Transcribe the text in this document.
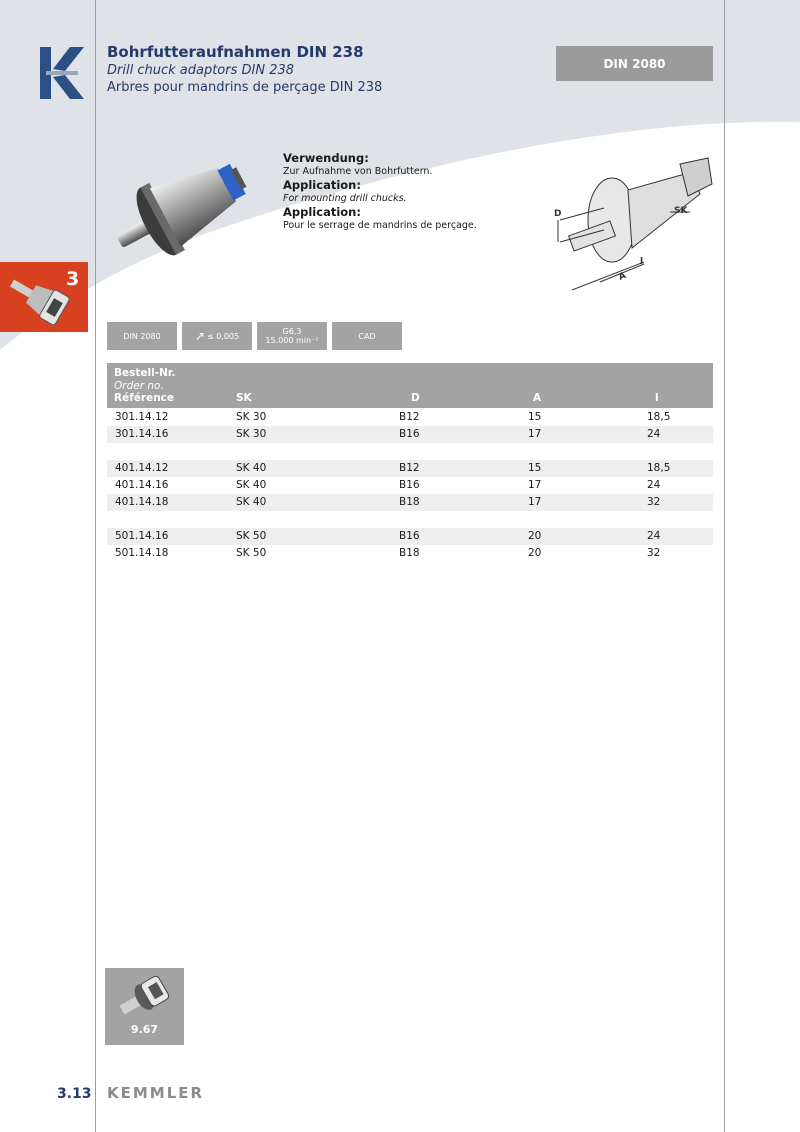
Bohrfutteraufnahmen DIN 238
Drill chuck adaptors DIN 238
Arbres pour mandrins de perçage DIN 238
DIN 2080
3
Verwendung:
Zur Aufnahme von Bohrfuttern.
Application:
For mounting drill chucks.
Application:
Pour le serrage de mandrins de perçage.
D	SK
A
l
DIN 2080	↗ ≤ 0,005	G6,3
15.000 min⁻¹	CAD
Bestell-Nr.
Order no.
Référence	SK	D	A	l
301.14.12	SK 30	B12	15	18,5
301.14.16	SK 30	B16	17	24
401.14.12	SK 40	B12	15	18,5
401.14.16	SK 40	B16	17	24
401.14.18	SK 40	B18	17	32
501.14.16	SK 50	B16	20	24
501.14.18	SK 50	B18	20	32
9.67
3.13 KEMMLER
